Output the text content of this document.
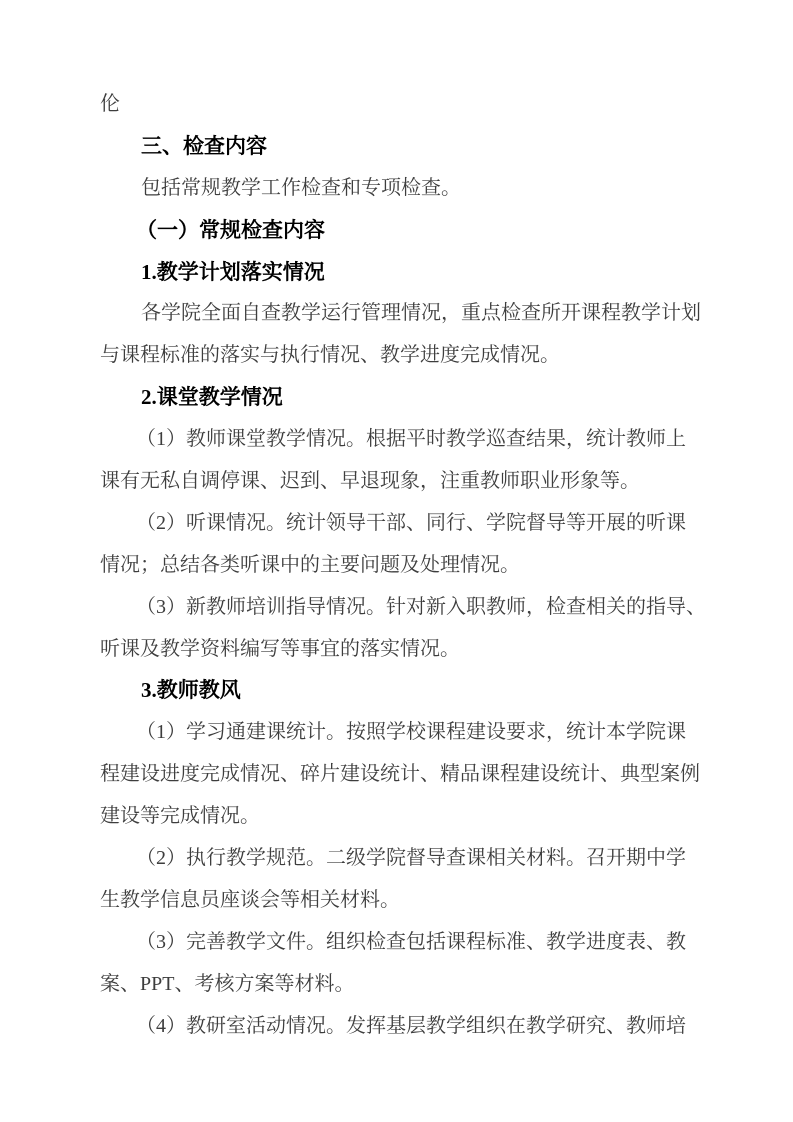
伦
三、检查内容
包括常规教学工作检查和专项检查。
（一）常规检查内容
1.教学计划落实情况
各学院全面自查教学运行管理情况，重点检查所开课程教学计划
与课程标准的落实与执行情况、教学进度完成情况。
2.课堂教学情况
（1）教师课堂教学情况。根据平时教学巡查结果，统计教师上
课有无私自调停课、迟到、早退现象，注重教师职业形象等。
（2）听课情况。统计领导干部、同行、学院督导等开展的听课
情况；总结各类听课中的主要问题及处理情况。
（3）新教师培训指导情况。针对新入职教师，检查相关的指导、
听课及教学资料编写等事宜的落实情况。
3.教师教风
（1）学习通建课统计。按照学校课程建设要求，统计本学院课
程建设进度完成情况、碎片建设统计、精品课程建设统计、典型案例
建设等完成情况。
（2）执行教学规范。二级学院督导查课相关材料。召开期中学
生教学信息员座谈会等相关材料。
（3）完善教学文件。组织检查包括课程标准、教学进度表、教
案、PPT、考核方案等材料。
（4）教研室活动情况。发挥基层教学组织在教学研究、教师培
